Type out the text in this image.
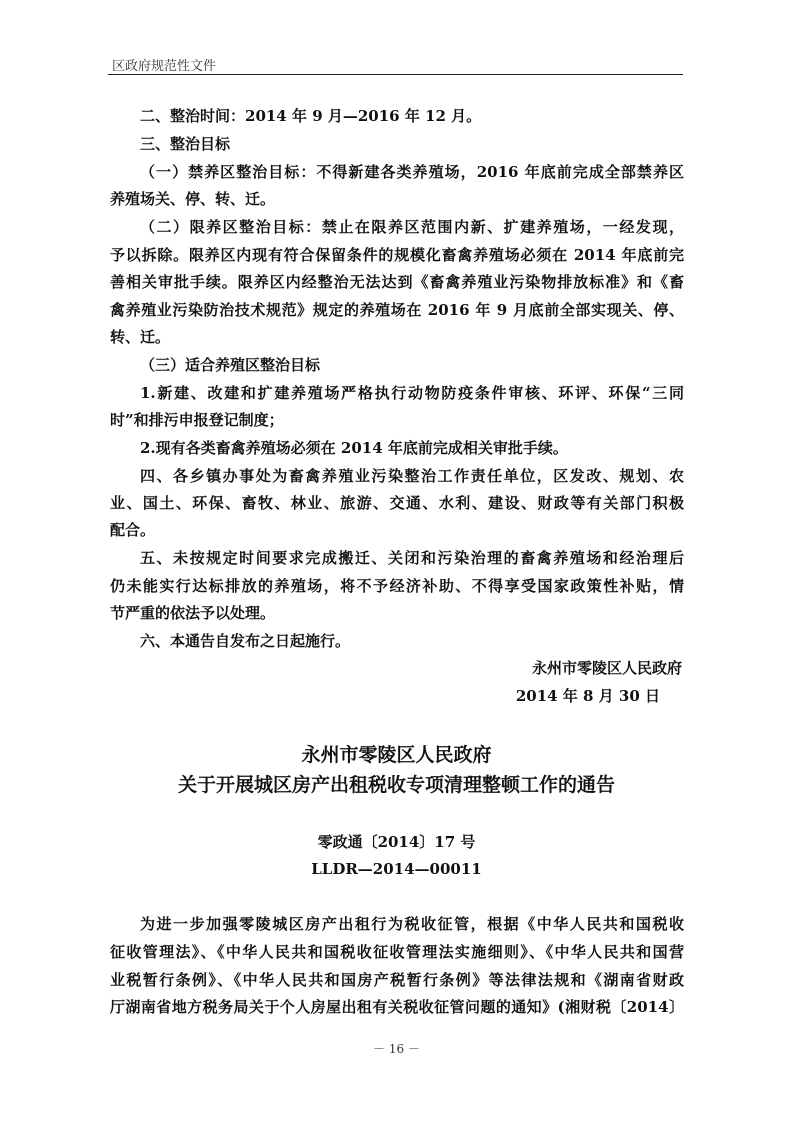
区政府规范性文件
二、整治时间：2014 年 9 月—2016 年 12 月。
三、整治目标
（一）禁养区整治目标：不得新建各类养殖场，2016 年底前完成全部禁养区
养殖场关、停、转、迁。
（二）限养区整治目标：禁止在限养区范围内新、扩建养殖场，一经发现，
予以拆除。限养区内现有符合保留条件的规模化畜禽养殖场必须在 2014 年底前完
善相关审批手续。限养区内经整治无法达到《畜禽养殖业污染物排放标准》和《畜
禽养殖业污染防治技术规范》规定的养殖场在 2016 年 9 月底前全部实现关、停、
转、迁。
（三）适合养殖区整治目标
1.新建、改建和扩建养殖场严格执行动物防疫条件审核、环评、环保“三同
时”和排污申报登记制度；
2.现有各类畜禽养殖场必须在 2014 年底前完成相关审批手续。
四、各乡镇办事处为畜禽养殖业污染整治工作责任单位，区发改、规划、农
业、国土、环保、畜牧、林业、旅游、交通、水利、建设、财政等有关部门积极
配合。
五、未按规定时间要求完成搬迁、关闭和污染治理的畜禽养殖场和经治理后
仍未能实行达标排放的养殖场，将不予经济补助、不得享受国家政策性补贴，情
节严重的依法予以处理。
六、本通告自发布之日起施行。
永州市零陵区人民政府
2014 年 8 月 30 日
永州市零陵区人民政府
关于开展城区房产出租税收专项清理整顿工作的通告
零政通〔2014〕17 号
LLDR—2014—00011
为进一步加强零陵城区房产出租行为税收征管，根据《中华人民共和国税收
征收管理法》、《中华人民共和国税收征收管理法实施细则》、《中华人民共和国营
业税暂行条例》、《中华人民共和国房产税暂行条例》等法律法规和《湖南省财政
厅湖南省地方税务局关于个人房屋出租有关税收征管问题的通知》(湘财税〔2014〕
－ 16 －
